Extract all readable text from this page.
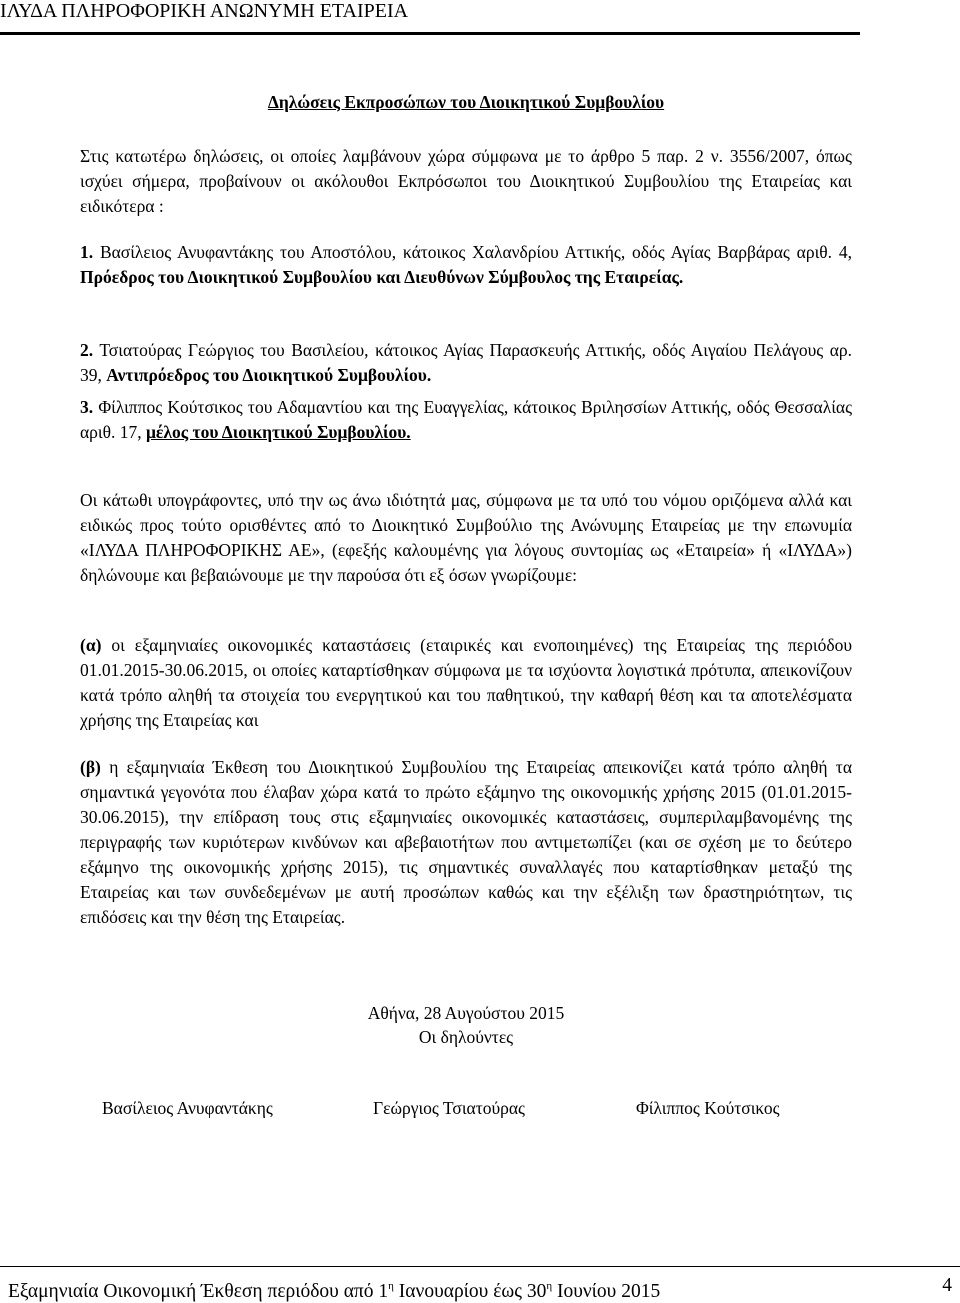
ΙΛΥΔΑ ΠΛΗΡΟΦΟΡΙΚΗ ΑΝΩΝΥΜΗ ΕΤΑΙΡΕΙΑ
Δηλώσεις Εκπροσώπων του Διοικητικού Συμβουλίου
Στις κατωτέρω δηλώσεις, οι οποίες λαμβάνουν χώρα σύμφωνα με το άρθρο 5 παρ. 2 ν. 3556/2007, όπως ισχύει σήμερα, προβαίνουν οι ακόλουθοι Εκπρόσωποι του Διοικητικού Συμβουλίου της Εταιρείας και ειδικότερα :
1. Βασίλειος Ανυφαντάκης του Αποστόλου, κάτοικος Χαλανδρίου Αττικής, οδός Αγίας Βαρβάρας αριθ. 4, Πρόεδρος του Διοικητικού Συμβουλίου και Διευθύνων Σύμβουλος της Εταιρείας.
2. Τσιατούρας Γεώργιος του Βασιλείου, κάτοικος Αγίας Παρασκευής Αττικής, οδός Αιγαίου Πελάγους αρ. 39, Αντιπρόεδρος του Διοικητικού Συμβουλίου.
3. Φίλιππος Κούτσικος του Αδαμαντίου και της Ευαγγελίας, κάτοικος Βριλησσίων Αττικής, οδός Θεσσαλίας αριθ. 17, μέλος του Διοικητικού Συμβουλίου.
Οι κάτωθι υπογράφοντες, υπό την ως άνω ιδιότητά μας, σύμφωνα με τα υπό του νόμου οριζόμενα αλλά και ειδικώς προς τούτο ορισθέντες από το Διοικητικό Συμβούλιο της Ανώνυμης Εταιρείας με την επωνυμία «ΙΛΥΔΑ ΠΛΗΡΟΦΟΡΙΚΗΣ ΑΕ», (εφεξής καλουμένης για λόγους συντομίας ως «Εταιρεία» ή «ΙΛΥΔΑ») δηλώνουμε και βεβαιώνουμε με την παρούσα ότι εξ όσων γνωρίζουμε:
(α) οι εξαμηνιαίες οικονομικές καταστάσεις (εταιρικές και ενοποιημένες) της Εταιρείας της περιόδου 01.01.2015-30.06.2015, οι οποίες καταρτίσθηκαν σύμφωνα με τα ισχύοντα λογιστικά πρότυπα, απεικονίζουν κατά τρόπο αληθή τα στοιχεία του ενεργητικού και του παθητικού, την καθαρή θέση και τα αποτελέσματα χρήσης της Εταιρείας και
(β) η εξαμηνιαία Έκθεση του Διοικητικού Συμβουλίου της Εταιρείας απεικονίζει κατά τρόπο αληθή τα σημαντικά γεγονότα που έλαβαν χώρα κατά το πρώτο εξάμηνο της οικονομικής χρήσης 2015 (01.01.2015-30.06.2015), την επίδραση τους στις εξαμηνιαίες οικονομικές καταστάσεις, συμπεριλαμβανομένης της περιγραφής των κυριότερων κινδύνων και αβεβαιοτήτων που αντιμετωπίζει (και σε σχέση με το δεύτερο εξάμηνο της οικονομικής χρήσης 2015), τις σημαντικές συναλλαγές που καταρτίσθηκαν μεταξύ της Εταιρείας και των συνδεδεμένων με αυτή προσώπων καθώς και την εξέλιξη των δραστηριότητων, τις επιδόσεις και την θέση της Εταιρείας.
Αθήνα, 28 Αυγούστου 2015
Οι δηλούντες
Βασίλειος Ανυφαντάκης	Γεώργιος Τσιατούρας	Φίλιππος Κούτσικος
Εξαμηνιαία Οικονομική Έκθεση περιόδου από $1^\eta$ Ιανουαρίου έως $30^\eta$ Ιουνίου 2015	4
